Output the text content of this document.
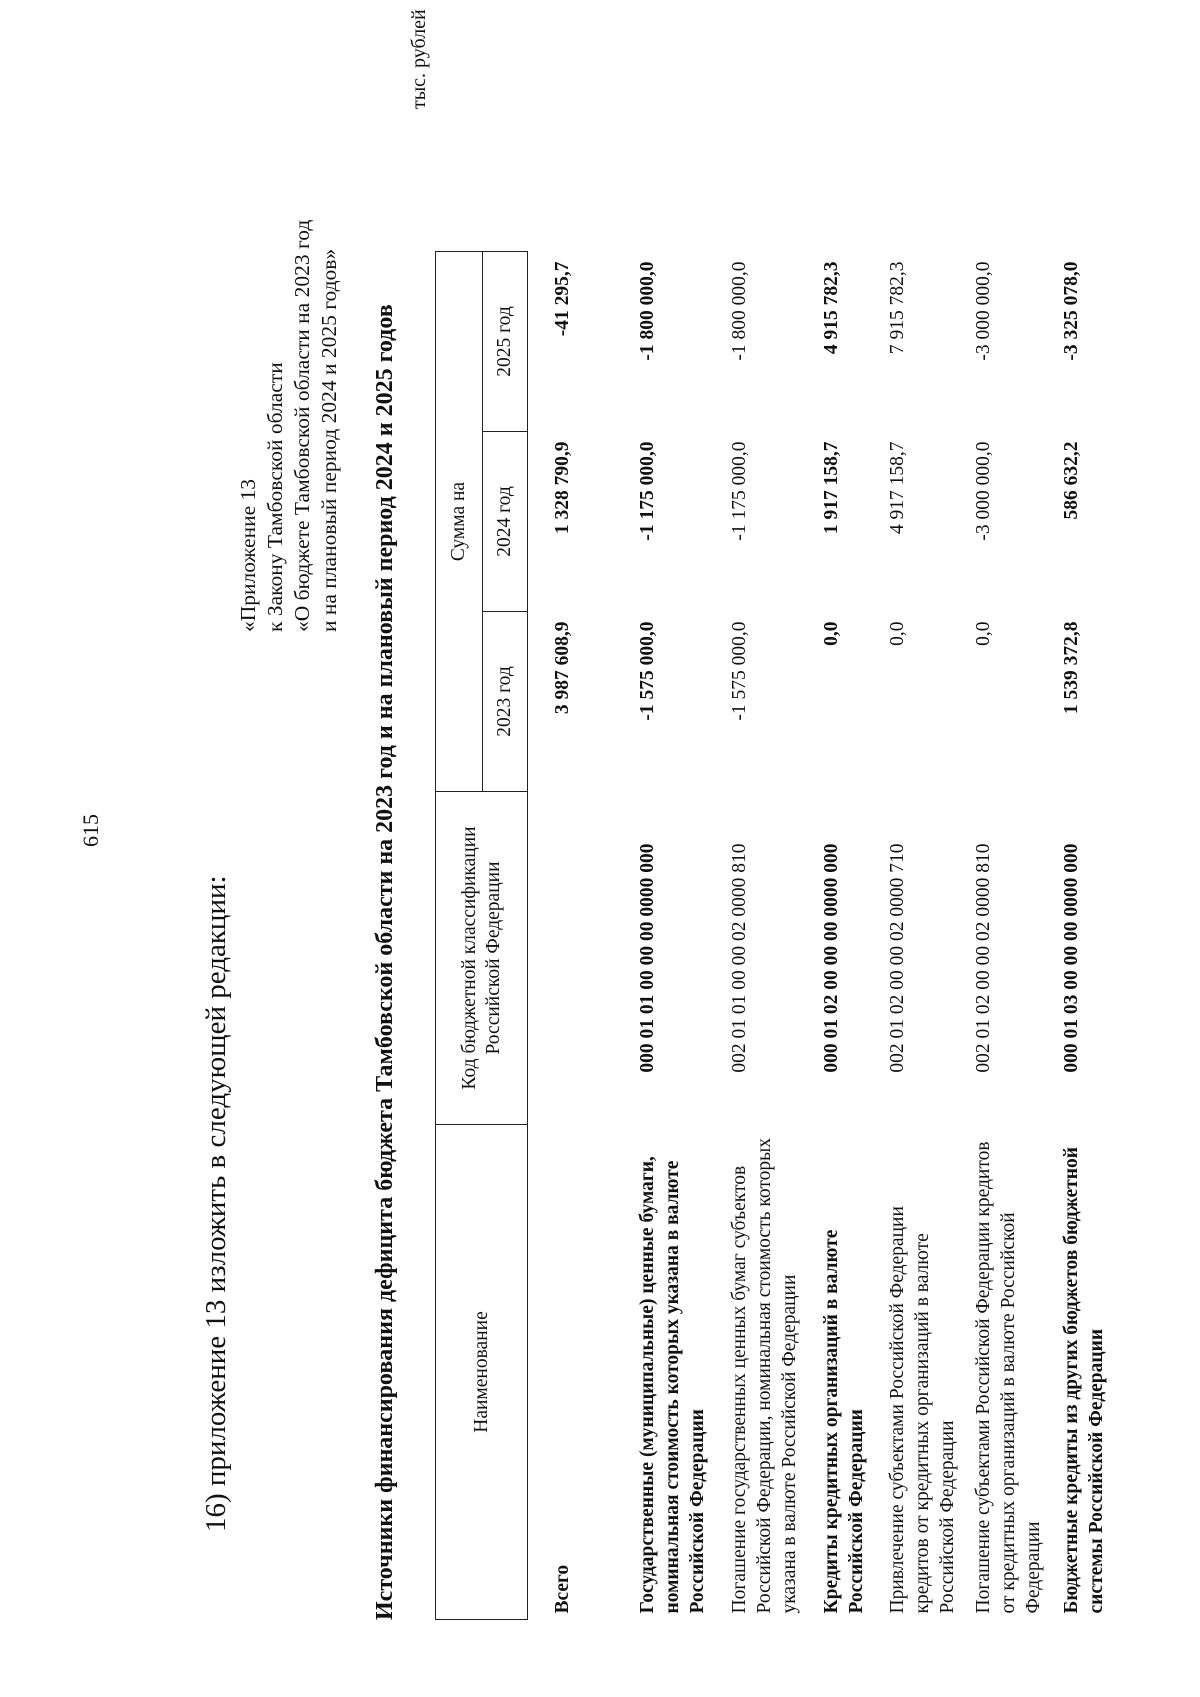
615
16) приложение 13 изложить в следующей редакции:
«Приложение 13 к Закону Тамбовской области «О бюджете Тамбовской области на 2023 год и на плановый период 2024 и 2025 годов» Источники финансирования дефицита бюджета Тамбовской области на 2023 год и на плановый период 2024 и 2025 годов
тыс. рублей
Наименование	Код бюджетной классификации Российской Федерации	Сумма на		
		2023 год	2024 год	2025 год
Всего		3 987 608,9	1 328 790,9	-41 295,7
Государственные (муниципальные) ценные бумаги, номинальная стоимость которых указана в валюте Российской Федерации	000 01 01 00 00 00 0000 000	-1 575 000,0	-1 175 000,0	-1 800 000,0
Погашение государственных ценных бумаг субъектов Российской Федерации, номинальная стоимость которых указана в валюте Российской Федерации	002 01 01 00 00 02 0000 810	-1 575 000,0	-1 175 000,0	-1 800 000,0
Кредиты кредитных организаций в валюте Российской Федерации	000 01 02 00 00 00 0000 000	0,0	1 917 158,7	4 915 782,3
Привлечение субъектами Российской Федерации кредитов от кредитных организаций в валюте Российской Федерации	002 01 02 00 00 02 0000 710	0,0	4 917 158,7	7 915 782,3
Погашение субъектами Российской Федерации кредитов от кредитных организаций в валюте Российской Федерации	002 01 02 00 00 02 0000 810	0,0	-3 000 000,0	-3 000 000,0
Бюджетные кредиты из других бюджетов бюджетной системы Российской Федерации	000 01 03 00 00 00 0000 000	1 539 372,8	586 632,2	-3 325 078,0
